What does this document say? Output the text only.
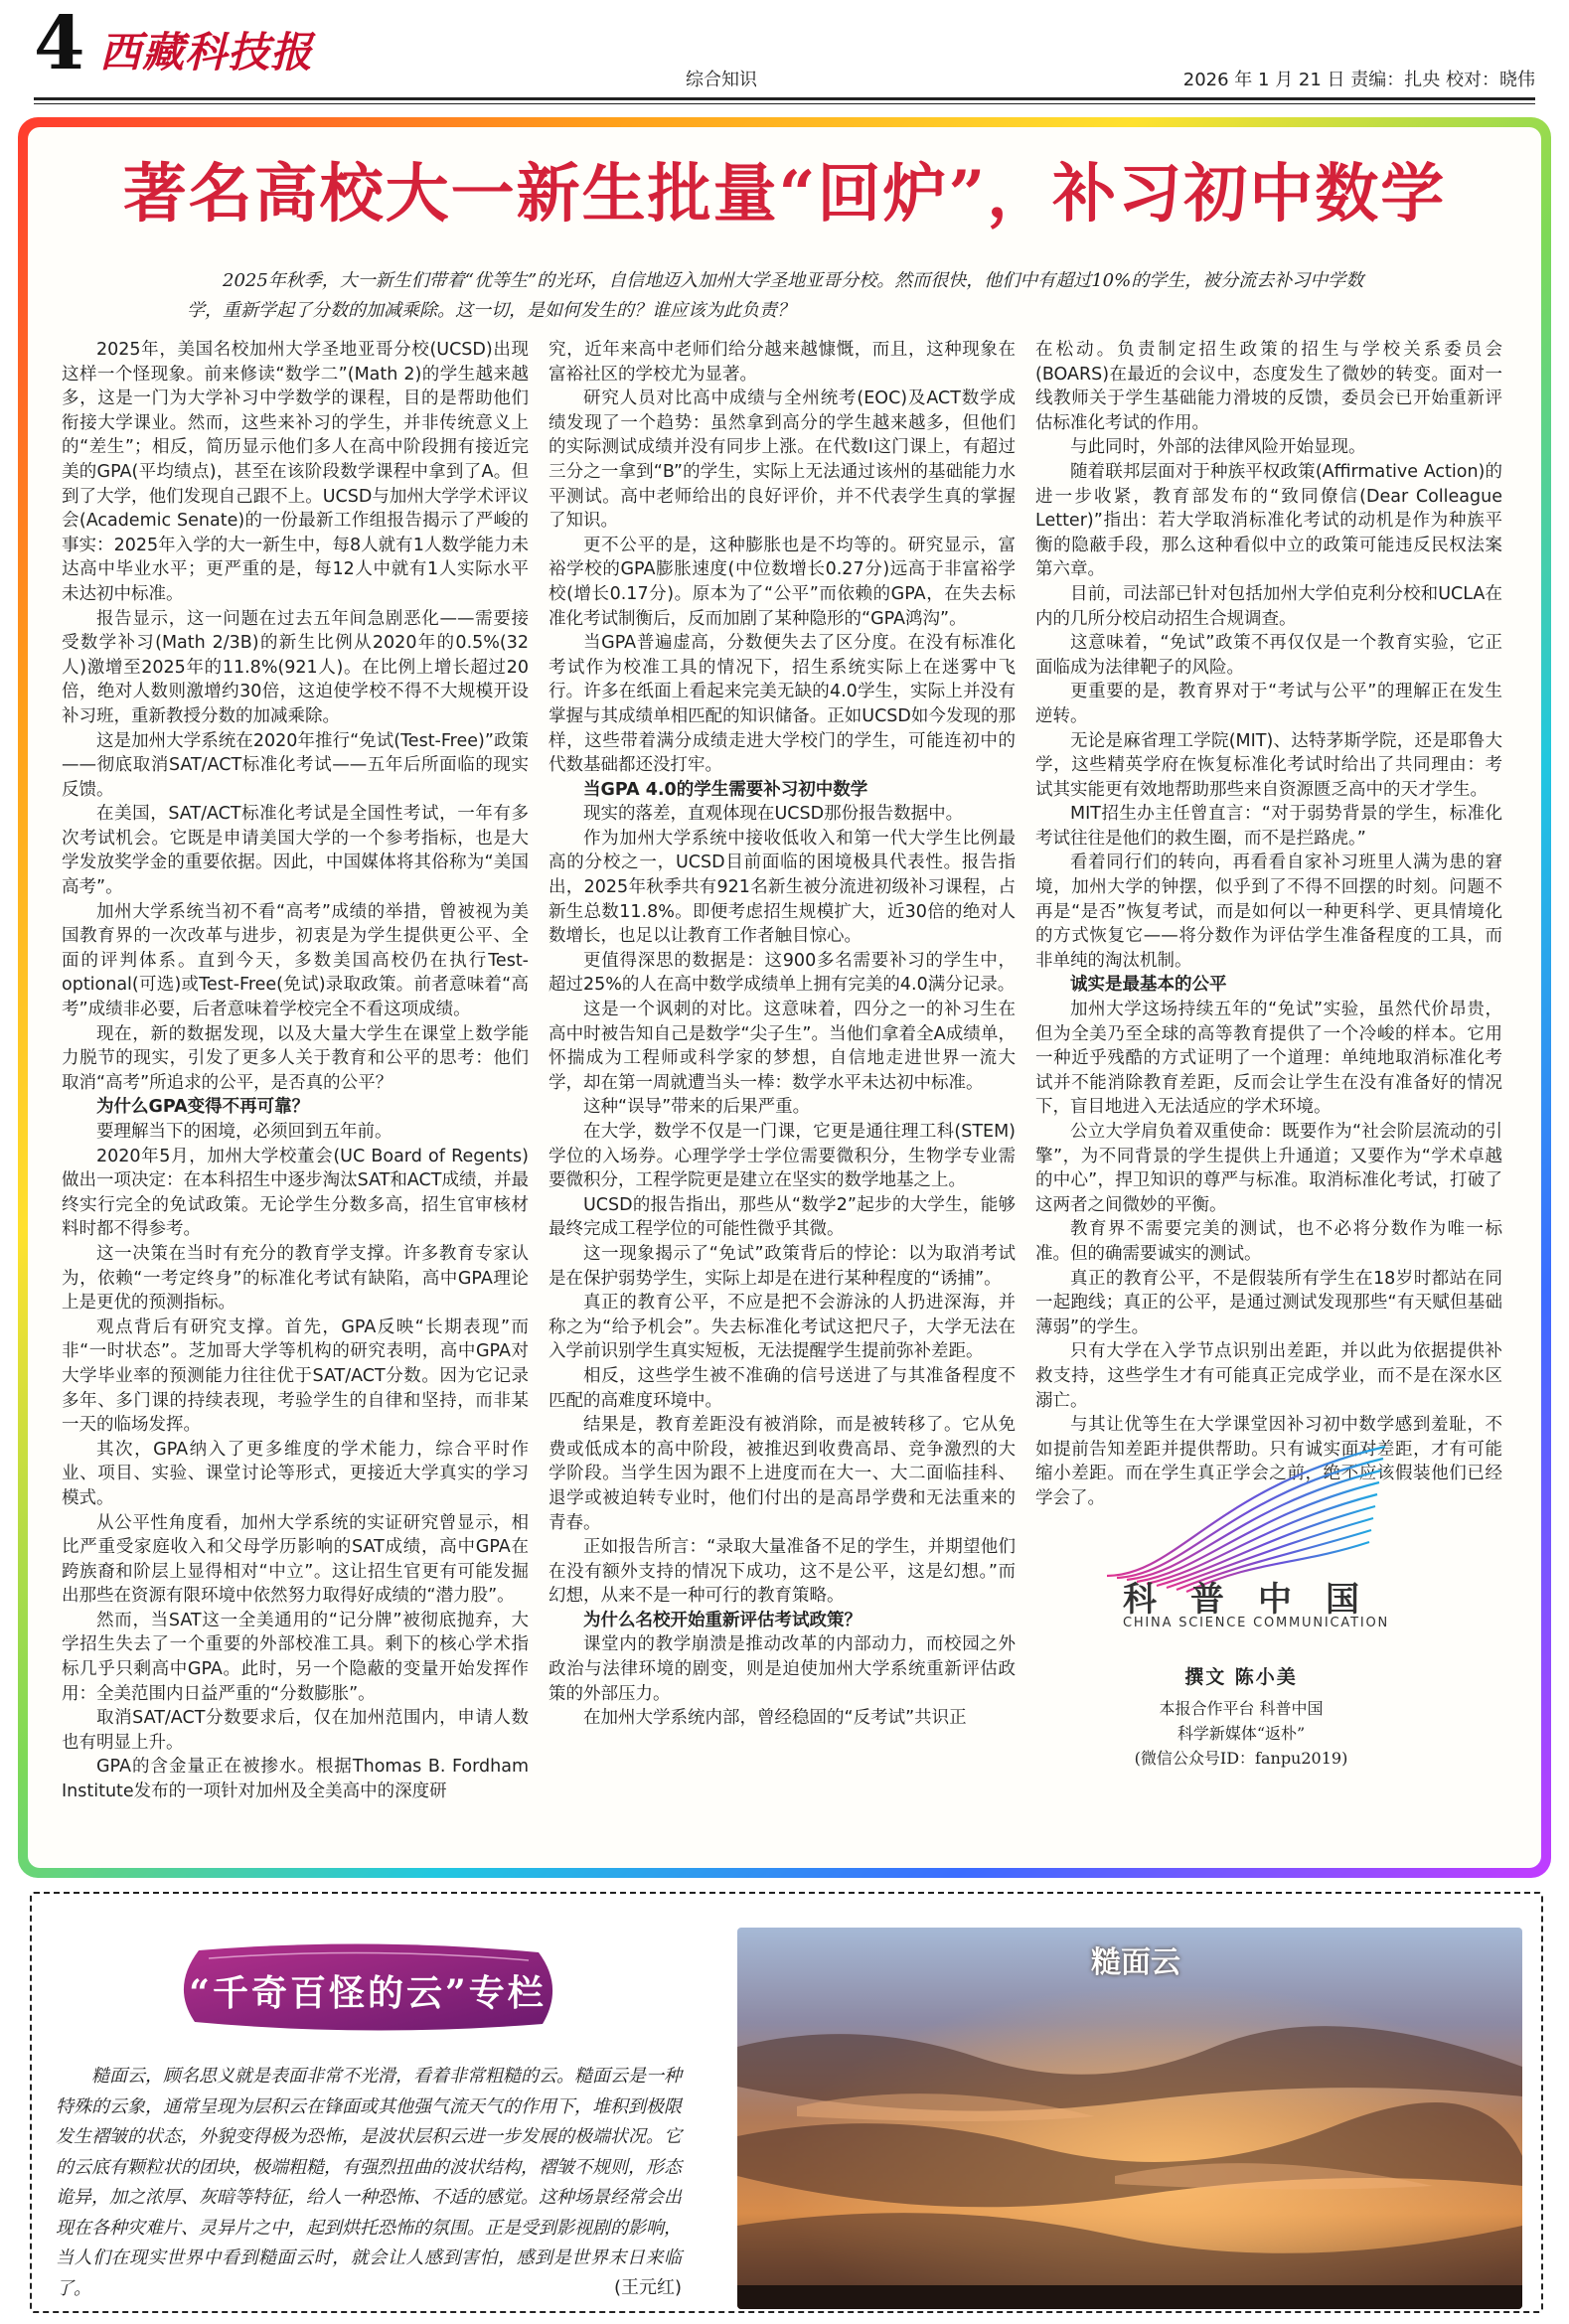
4 西藏科技报
综合知识	2026 年 1 月 21 日 责编：扎央 校对：晓伟
著名高校大一新生批量“回炉”，补习初中数学

2025年秋季，大一新生们带着“优等生”的光环，自信地迈入加州大学圣地亚哥分校。然而很快，他们中有超过10%的学生，被分流去补习中学数学，重新学起了分数的加减乘除。这一切，是如何发生的？谁应该为此负责？

2025年，美国名校加州大学圣地亚哥分校(UCSD)出现这样一个怪现象。前来修读“数学二”(Math 2)的学生越来越多，这是一门为大学补习中学数学的课程，目的是帮助他们衔接大学课业。然而，这些来补习的学生，并非传统意义上的“差生”；相反，简历显示他们多人在高中阶段拥有接近完美的GPA(平均绩点)，甚至在该阶段数学课程中拿到了A。但到了大学，他们发现自己跟不上。UCSD与加州大学学术评议会(Academic Senate)的一份最新工作组报告揭示了严峻的事实：2025年入学的大一新生中，每8人就有1人数学能力未达高中毕业水平；更严重的是，每12人中就有1人实际水平未达初中标准。

报告显示，这一问题在过去五年间急剧恶化——需要接受数学补习(Math 2/3B)的新生比例从2020年的0.5%(32人)激增至2025年的11.8%(921人)。在比例上增长超过20倍，绝对人数则激增约30倍，这迫使学校不得不大规模开设补习班，重新教授分数的加减乘除。

这是加州大学系统在2020年推行“免试(Test-Free)”政策——彻底取消SAT/ACT标准化考试——五年后所面临的现实反馈。

在美国，SAT/ACT标准化考试是全国性考试，一年有多次考试机会。它既是申请美国大学的一个参考指标，也是大学发放奖学金的重要依据。因此，中国媒体将其俗称为“美国高考”。

加州大学系统当初不看“高考”成绩的举措，曾被视为美国教育界的一次改革与进步，初衷是为学生提供更公平、全面的评判体系。直到今天，多数美国高校仍在执行Test-optional(可选)或Test-Free(免试)录取政策。前者意味着“高考”成绩非必要，后者意味着学校完全不看这项成绩。

现在，新的数据发现，以及大量大学生在课堂上数学能力脱节的现实，引发了更多人关于教育和公平的思考：他们取消“高考”所追求的公平，是否真的公平？

为什么GPA变得不再可靠？

要理解当下的困境，必须回到五年前。

2020年5月，加州大学校董会(UC Board of Regents)做出一项决定：在本科招生中逐步淘汰SAT和ACT成绩，并最终实行完全的免试政策。无论学生分数多高，招生官审核材料时都不得参考。

这一决策在当时有充分的教育学支撑。许多教育专家认为，依赖“一考定终身”的标准化考试有缺陷，高中GPA理论上是更优的预测指标。

观点背后有研究支撑。首先，GPA反映“长期表现”而非“一时状态”。芝加哥大学等机构的研究表明，高中GPA对大学毕业率的预测能力往往优于SAT/ACT分数。因为它记录多年、多门课的持续表现，考验学生的自律和坚持，而非某一天的临场发挥。

其次，GPA纳入了更多维度的学术能力，综合平时作业、项目、实验、课堂讨论等形式，更接近大学真实的学习模式。

从公平性角度看，加州大学系统的实证研究曾显示，相比严重受家庭收入和父母学历影响的SAT成绩，高中GPA在跨族裔和阶层上显得相对“中立”。这让招生官更有可能发掘出那些在资源有限环境中依然努力取得好成绩的“潜力股”。

然而，当SAT这一全美通用的“记分牌”被彻底抛弃，大学招生失去了一个重要的外部校准工具。剩下的核心学术指标几乎只剩高中GPA。此时，另一个隐蔽的变量开始发挥作用：全美范围内日益严重的“分数膨胀”。

取消SAT/ACT分数要求后，仅在加州范围内，申请人数也有明显上升。

GPA的含金量正在被掺水。根据Thomas B. Fordham Institute发布的一项针对加州及全美高中的深度研

究，近年来高中老师们给分越来越慷慨，而且，这种现象在富裕社区的学校尤为显著。

研究人员对比高中成绩与全州统考(EOC)及ACT数学成绩发现了一个趋势：虽然拿到高分的学生越来越多，但他们的实际测试成绩并没有同步上涨。在代数I这门课上，有超过三分之一拿到“B”的学生，实际上无法通过该州的基础能力水平测试。高中老师给出的良好评价，并不代表学生真的掌握了知识。

更不公平的是，这种膨胀也是不均等的。研究显示，富裕学校的GPA膨胀速度(中位数增长0.27分)远高于非富裕学校(增长0.17分)。原本为了“公平”而依赖的GPA，在失去标准化考试制衡后，反而加剧了某种隐形的“GPA鸿沟”。

当GPA普遍虚高，分数便失去了区分度。在没有标准化考试作为校准工具的情况下，招生系统实际上在迷雾中飞行。许多在纸面上看起来完美无缺的4.0学生，实际上并没有掌握与其成绩单相匹配的知识储备。正如UCSD如今发现的那样，这些带着满分成绩走进大学校门的学生，可能连初中的代数基础都还没打牢。

当GPA 4.0的学生需要补习初中数学

现实的落差，直观体现在UCSD那份报告数据中。

作为加州大学系统中接收低收入和第一代大学生比例最高的分校之一，UCSD目前面临的困境极具代表性。报告指出，2025年秋季共有921名新生被分流进初级补习课程，占新生总数11.8%。即便考虑招生规模扩大，近30倍的绝对人数增长，也足以让教育工作者触目惊心。

更值得深思的数据是：这900多名需要补习的学生中，超过25%的人在高中数学成绩单上拥有完美的4.0满分记录。

这是一个讽刺的对比。这意味着，四分之一的补习生在高中时被告知自己是数学“尖子生”。当他们拿着全A成绩单，怀揣成为工程师或科学家的梦想，自信地走进世界一流大学，却在第一周就遭当头一棒：数学水平未达初中标准。

这种“误导”带来的后果严重。

在大学，数学不仅是一门课，它更是通往理工科(STEM)学位的入场券。心理学学士学位需要微积分，生物学专业需要微积分，工程学院更是建立在坚实的数学地基之上。

UCSD的报告指出，那些从“数学2”起步的大学生，能够最终完成工程学位的可能性微乎其微。

这一现象揭示了“免试”政策背后的悖论：以为取消考试是在保护弱势学生，实际上却是在进行某种程度的“诱捕”。

真正的教育公平，不应是把不会游泳的人扔进深海，并称之为“给予机会”。失去标准化考试这把尺子，大学无法在入学前识别学生真实短板，无法提醒学生提前弥补差距。

相反，这些学生被不准确的信号送进了与其准备程度不匹配的高难度环境中。

结果是，教育差距没有被消除，而是被转移了。它从免费或低成本的高中阶段，被推迟到收费高昂、竞争激烈的大学阶段。当学生因为跟不上进度而在大一、大二面临挂科、退学或被迫转专业时，他们付出的是高昂学费和无法重来的青春。

正如报告所言：“录取大量准备不足的学生，并期望他们在没有额外支持的情况下成功，这不是公平，这是幻想。”而幻想，从来不是一种可行的教育策略。

为什么名校开始重新评估考试政策？

课堂内的教学崩溃是推动改革的内部动力，而校园之外政治与法律环境的剧变，则是迫使加州大学系统重新评估政策的外部压力。

在加州大学系统内部，曾经稳固的“反考试”共识正

在松动。负责制定招生政策的招生与学校关系委员会(BOARS)在最近的会议中，态度发生了微妙的转变。面对一线教师关于学生基础能力滑坡的反馈，委员会已开始重新评估标准化考试的作用。

与此同时，外部的法律风险开始显现。

随着联邦层面对于种族平权政策(Affirmative Action)的进一步收紧，教育部发布的“致同僚信(Dear Colleague Letter)”指出：若大学取消标准化考试的动机是作为种族平衡的隐蔽手段，那么这种看似中立的政策可能违反民权法案第六章。

目前，司法部已针对包括加州大学伯克利分校和UCLA在内的几所分校启动招生合规调查。

这意味着，“免试”政策不再仅仅是一个教育实验，它正面临成为法律靶子的风险。

更重要的是，教育界对于“考试与公平”的理解正在发生逆转。

无论是麻省理工学院(MIT)、达特茅斯学院，还是耶鲁大学，这些精英学府在恢复标准化考试时给出了共同理由：考试其实能更有效地帮助那些来自资源匮乏高中的天才学生。

MIT招生办主任曾直言：“对于弱势背景的学生，标准化考试往往是他们的救生圈，而不是拦路虎。”

看着同行们的转向，再看看自家补习班里人满为患的窘境，加州大学的钟摆，似乎到了不得不回摆的时刻。问题不再是“是否”恢复考试，而是如何以一种更科学、更具情境化的方式恢复它——将分数作为评估学生准备程度的工具，而非单纯的淘汰机制。

诚实是最基本的公平

加州大学这场持续五年的“免试”实验，虽然代价昂贵，但为全美乃至全球的高等教育提供了一个冷峻的样本。它用一种近乎残酷的方式证明了一个道理：单纯地取消标准化考试并不能消除教育差距，反而会让学生在没有准备好的情况下，盲目地进入无法适应的学术环境。

公立大学肩负着双重使命：既要作为“社会阶层流动的引擎”，为不同背景的学生提供上升通道；又要作为“学术卓越的中心”，捍卫知识的尊严与标准。取消标准化考试，打破了这两者之间微妙的平衡。

教育界不需要完美的测试，也不必将分数作为唯一标准。但的确需要诚实的测试。

真正的教育公平，不是假装所有学生在18岁时都站在同一起跑线；真正的公平，是通过测试发现那些“有天赋但基础薄弱”的学生。

只有大学在入学节点识别出差距，并以此为依据提供补救支持，这些学生才有可能真正完成学业，而不是在深水区溺亡。

与其让优等生在大学课堂因补习初中数学感到羞耻，不如提前告知差距并提供帮助。只有诚实面对差距，才有可能缩小差距。而在学生真正学会之前，绝不应该假装他们已经学会了。

科普中国
CHINA SCIENCE COMMUNICATION
撰文 陈小美
本报合作平台 科普中国
科学新媒体“返朴”
(微信公众号ID：fanpu2019)
“千奇百怪的云”专栏

糙面云，顾名思义就是表面非常不光滑，看着非常粗糙的云。糙面云是一种特殊的云象，通常呈现为层积云在锋面或其他强气流天气的作用下，堆积到极限发生褶皱的状态，外貌变得极为恐怖，是波状层积云进一步发展的极端状况。它的云底有颗粒状的团块，极端粗糙，有强烈扭曲的波状结构，褶皱不规则，形态诡异，加之浓厚、灰暗等特征，给人一种恐怖、不适的感觉。这种场景经常会出现在各种灾难片、灵异片之中，起到烘托恐怖的氛围。正是受到影视剧的影响，当人们在现实世界中看到糙面云时，就会让人感到害怕，感到是世界末日来临了。	(王元红)
糙面云
